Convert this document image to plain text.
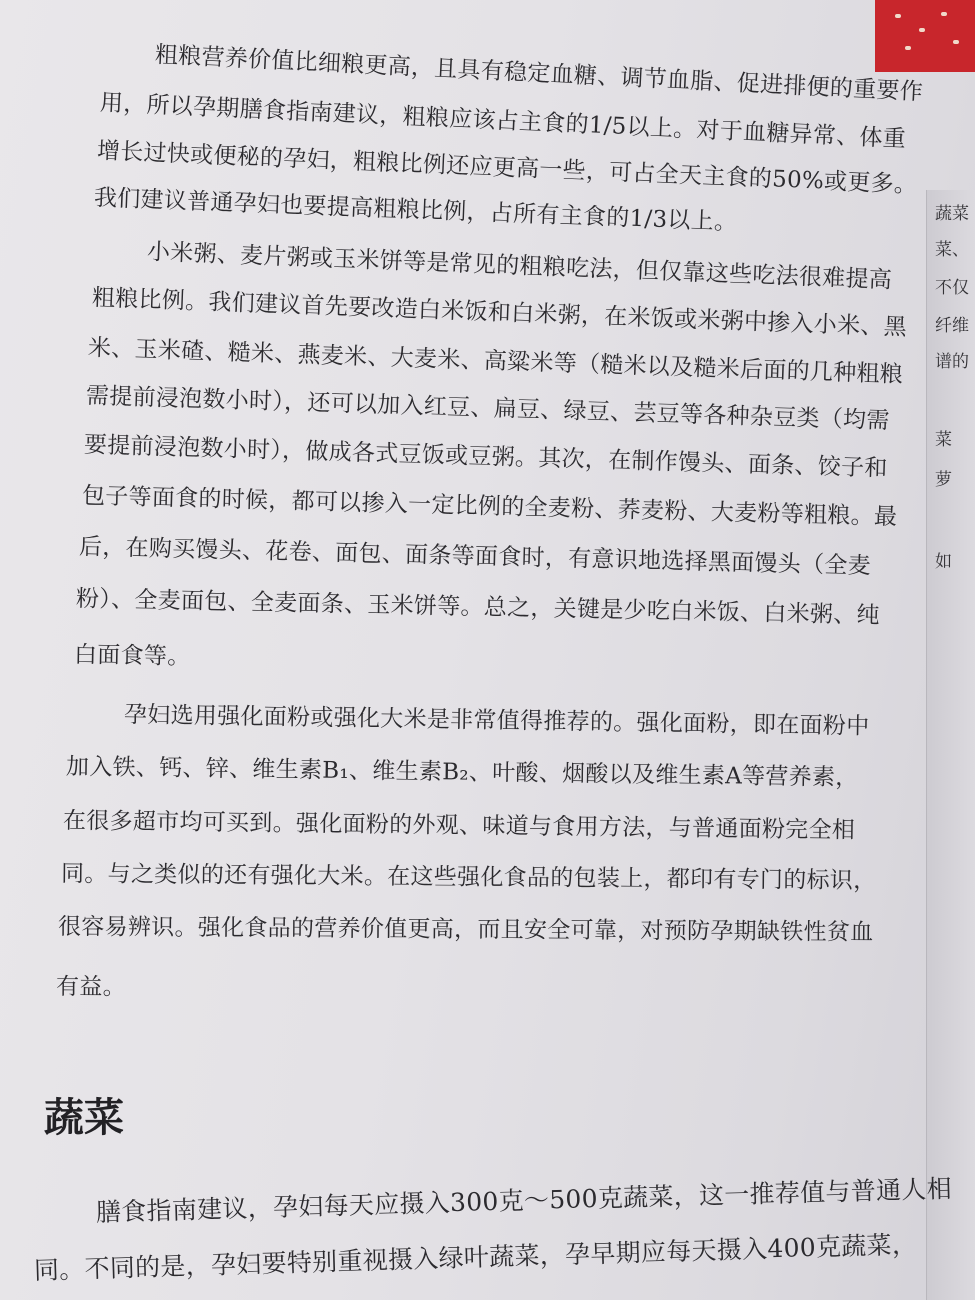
蔬菜
菜、
不仅
纤维
谱的
菜
萝
如
粗粮营养价值比细粮更高，且具有稳定血糖、调节血脂、促进排便的重要作
用，所以孕期膳食指南建议，粗粮应该占主食的1/5以上。对于血糖异常、体重
增长过快或便秘的孕妇，粗粮比例还应更高一些，可占全天主食的50%或更多。
我们建议普通孕妇也要提高粗粮比例，占所有主食的1/3以上。
小米粥、麦片粥或玉米饼等是常见的粗粮吃法，但仅靠这些吃法很难提高
粗粮比例。我们建议首先要改造白米饭和白米粥，在米饭或米粥中掺入小米、黑
米、玉米碴、糙米、燕麦米、大麦米、高粱米等（糙米以及糙米后面的几种粗粮
需提前浸泡数小时），还可以加入红豆、扁豆、绿豆、芸豆等各种杂豆类（均需
要提前浸泡数小时），做成各式豆饭或豆粥。其次，在制作馒头、面条、饺子和
包子等面食的时候，都可以掺入一定比例的全麦粉、荞麦粉、大麦粉等粗粮。最
后，在购买馒头、花卷、面包、面条等面食时，有意识地选择黑面馒头（全麦
粉）、全麦面包、全麦面条、玉米饼等。总之，关键是少吃白米饭、白米粥、纯
白面食等。
孕妇选用强化面粉或强化大米是非常值得推荐的。强化面粉，即在面粉中
加入铁、钙、锌、维生素B₁、维生素B₂、叶酸、烟酸以及维生素A等营养素，
在很多超市均可买到。强化面粉的外观、味道与食用方法，与普通面粉完全相
同。与之类似的还有强化大米。在这些强化食品的包装上，都印有专门的标识，
很容易辨识。强化食品的营养价值更高，而且安全可靠，对预防孕期缺铁性贫血
有益。
蔬菜
膳食指南建议，孕妇每天应摄入300克～500克蔬菜，这一推荐值与普通人相
同。不同的是，孕妇要特别重视摄入绿叶蔬菜，孕早期应每天摄入400克蔬菜，
